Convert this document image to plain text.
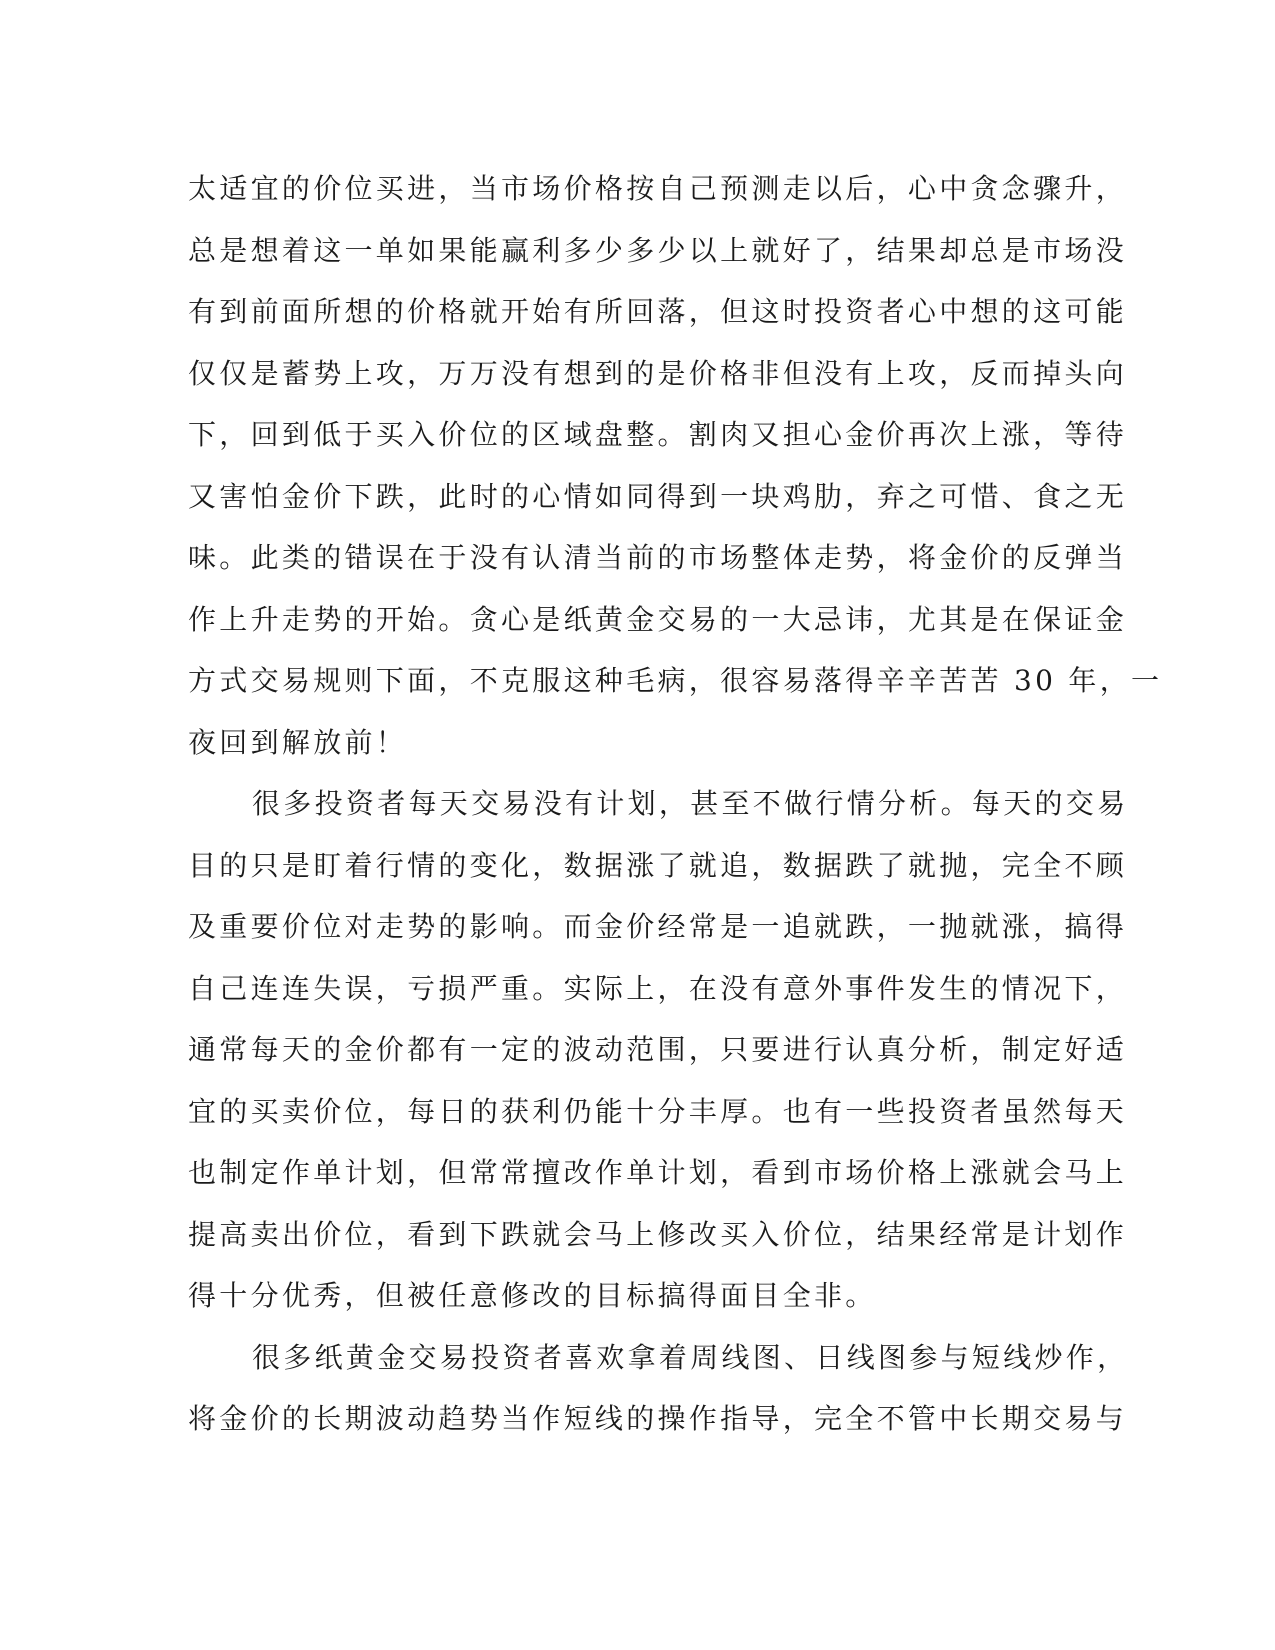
太适宜的价位买进，当市场价格按自己预测走以后，心中贪念骤升，
总是想着这一单如果能赢利多少多少以上就好了，结果却总是市场没
有到前面所想的价格就开始有所回落，但这时投资者心中想的这可能
仅仅是蓄势上攻，万万没有想到的是价格非但没有上攻，反而掉头向
下，回到低于买入价位的区域盘整。割肉又担心金价再次上涨，等待
又害怕金价下跌，此时的心情如同得到一块鸡肋，弃之可惜、食之无
味。此类的错误在于没有认清当前的市场整体走势，将金价的反弹当
作上升走势的开始。贪心是纸黄金交易的一大忌讳，尤其是在保证金
方式交易规则下面，不克服这种毛病，很容易落得辛辛苦苦 30 年，一
夜回到解放前！
很多投资者每天交易没有计划，甚至不做行情分析。每天的交易
目的只是盯着行情的变化，数据涨了就追，数据跌了就抛，完全不顾
及重要价位对走势的影响。而金价经常是一追就跌，一抛就涨，搞得
自己连连失误，亏损严重。实际上，在没有意外事件发生的情况下，
通常每天的金价都有一定的波动范围，只要进行认真分析，制定好适
宜的买卖价位，每日的获利仍能十分丰厚。也有一些投资者虽然每天
也制定作单计划，但常常擅改作单计划，看到市场价格上涨就会马上
提高卖出价位，看到下跌就会马上修改买入价位，结果经常是计划作
得十分优秀，但被任意修改的目标搞得面目全非。
很多纸黄金交易投资者喜欢拿着周线图、日线图参与短线炒作，
将金价的长期波动趋势当作短线的操作指导，完全不管中长期交易与
